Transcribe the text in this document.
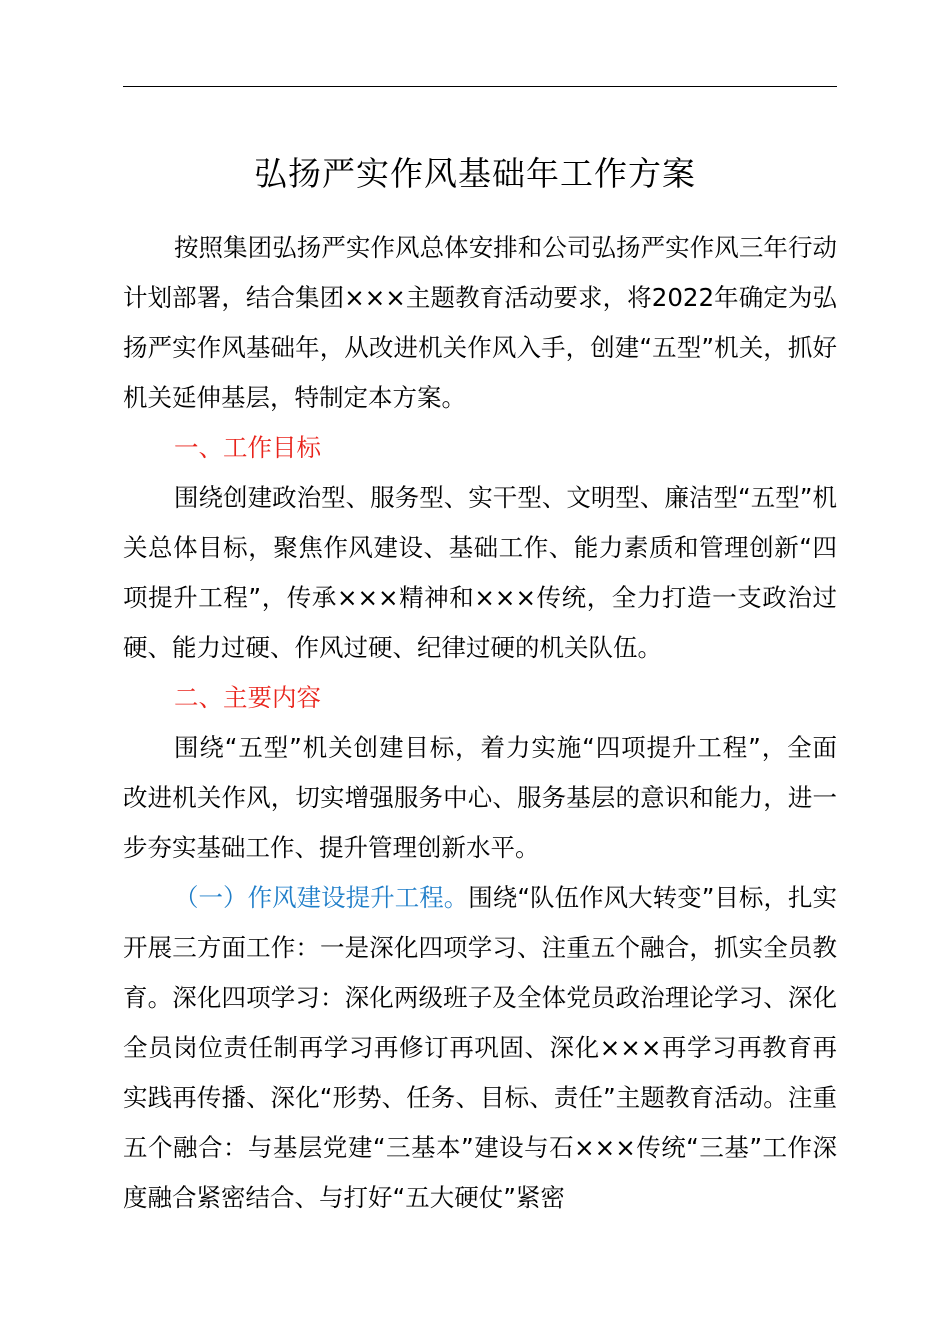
弘扬严实作风基础年工作方案

按照集团弘扬严实作风总体安排和公司弘扬严实作风三年行动计划部署，结合集团×××主题教育活动要求，将2022年确定为弘扬严实作风基础年，从改进机关作风入手，创建“五型”机关，抓好机关延伸基层，特制定本方案。

一、工作目标

围绕创建政治型、服务型、实干型、文明型、廉洁型“五型”机关总体目标，聚焦作风建设、基础工作、能力素质和管理创新“四项提升工程”，传承×××精神和×××传统，全力打造一支政治过硬、能力过硬、作风过硬、纪律过硬的机关队伍。

二、主要内容

围绕“五型”机关创建目标，着力实施“四项提升工程”，全面改进机关作风，切实增强服务中心、服务基层的意识和能力，进一步夯实基础工作、提升管理创新水平。

（一）作风建设提升工程。围绕“队伍作风大转变”目标，扎实开展三方面工作：一是深化四项学习、注重五个融合，抓实全员教育。深化四项学习：深化两级班子及全体党员政治理论学习、深化全员岗位责任制再学习再修订再巩固、深化×××再学习再教育再实践再传播、深化“形势、任务、目标、责任”主题教育活动。注重五个融合：与基层党建“三基本”建设与石×××传统“三基”工作深度融合紧密结合、与打好“五大硬仗”紧密
